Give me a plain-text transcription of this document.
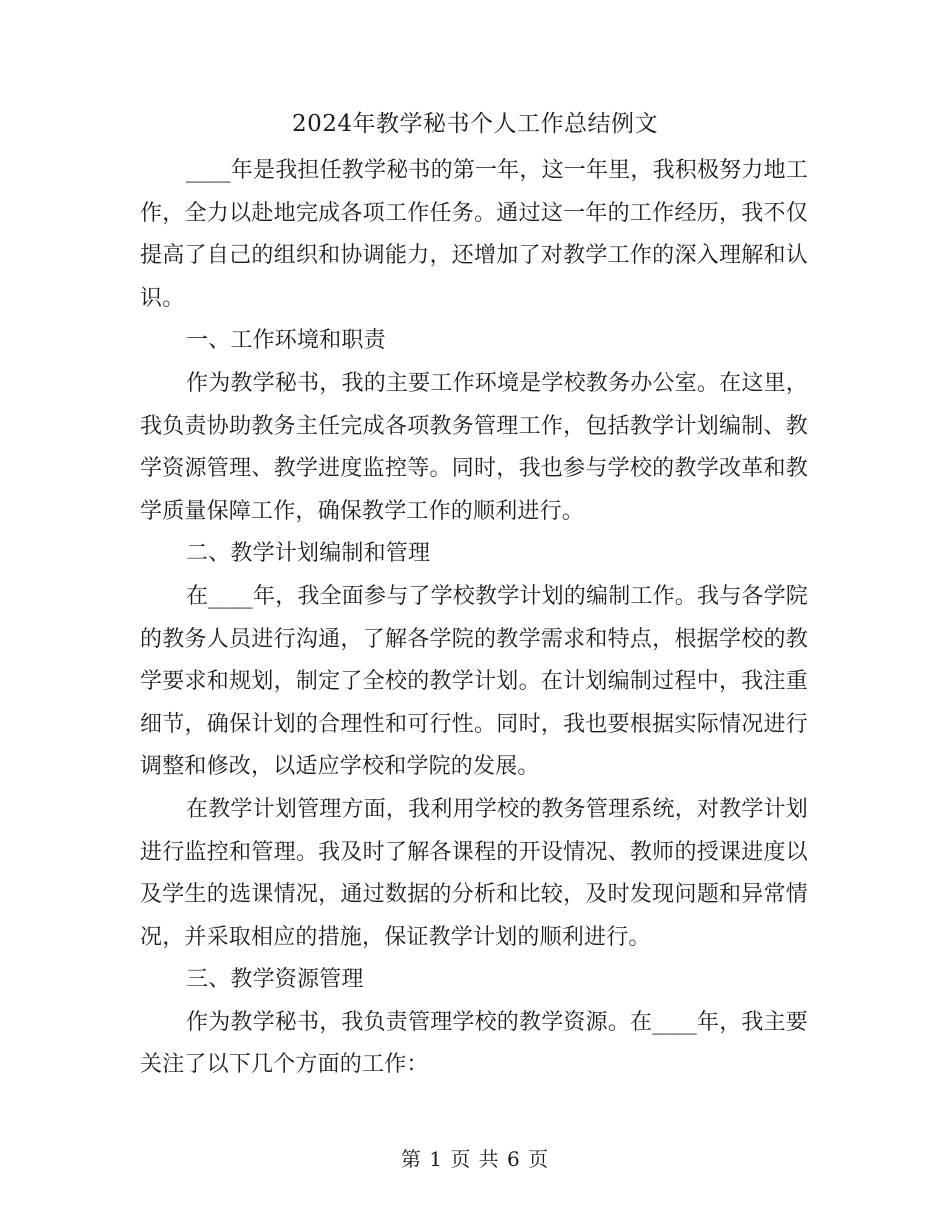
2024年教学秘书个人工作总结例文

____年是我担任教学秘书的第一年，这一年里，我积极努力地工作，全力以赴地完成各项工作任务。通过这一年的工作经历，我不仅提高了自己的组织和协调能力，还增加了对教学工作的深入理解和认识。

一、工作环境和职责

作为教学秘书，我的主要工作环境是学校教务办公室。在这里，我负责协助教务主任完成各项教务管理工作，包括教学计划编制、教学资源管理、教学进度监控等。同时，我也参与学校的教学改革和教学质量保障工作，确保教学工作的顺利进行。

二、教学计划编制和管理

在____年，我全面参与了学校教学计划的编制工作。我与各学院的教务人员进行沟通，了解各学院的教学需求和特点，根据学校的教学要求和规划，制定了全校的教学计划。在计划编制过程中，我注重细节，确保计划的合理性和可行性。同时，我也要根据实际情况进行调整和修改，以适应学校和学院的发展。

在教学计划管理方面，我利用学校的教务管理系统，对教学计划进行监控和管理。我及时了解各课程的开设情况、教师的授课进度以及学生的选课情况，通过数据的分析和比较，及时发现问题和异常情况，并采取相应的措施，保证教学计划的顺利进行。

三、教学资源管理

作为教学秘书，我负责管理学校的教学资源。在____年，我主要关注了以下几个方面的工作：

第 1 页 共 6 页
